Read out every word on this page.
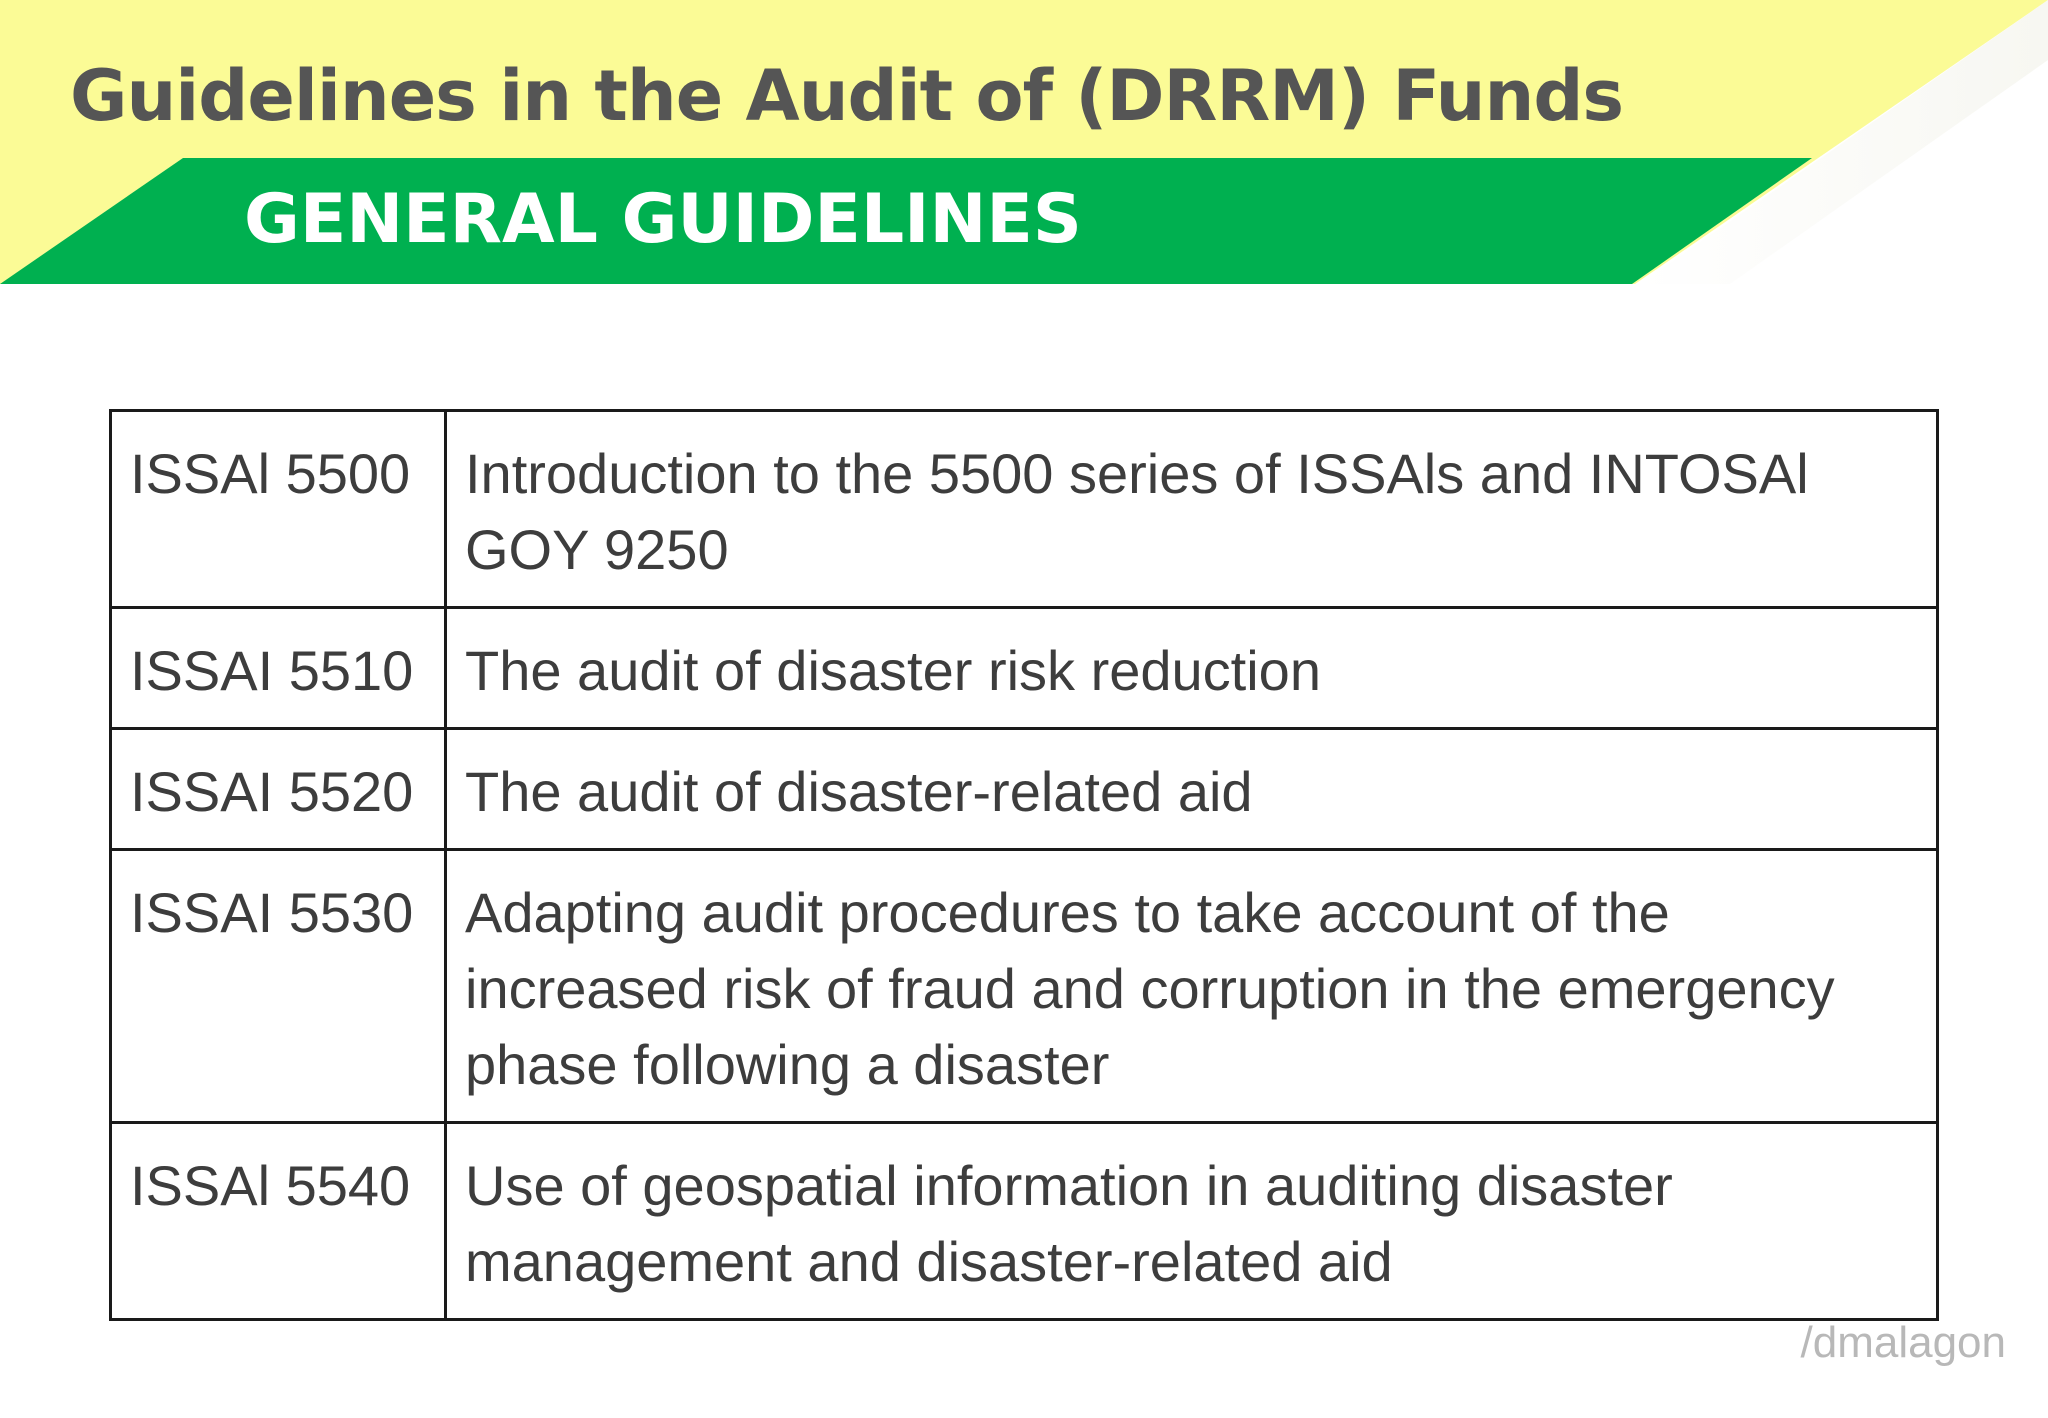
Guidelines in the Audit of (DRRM) Funds
GENERAL GUIDELINES
ISSAl 5500	Introduction to the 5500 series of ISSAls and INTOSAl GOY 9250
ISSAI 5510	The audit of disaster risk reduction
ISSAI 5520	The audit of disaster-related aid
ISSAI 5530	Adapting audit procedures to take account of the increased risk of fraud and corruption in the emergency phase following a disaster
ISSAl 5540	Use of geospatial information in auditing disaster management and disaster-related aid
/dmalagon
